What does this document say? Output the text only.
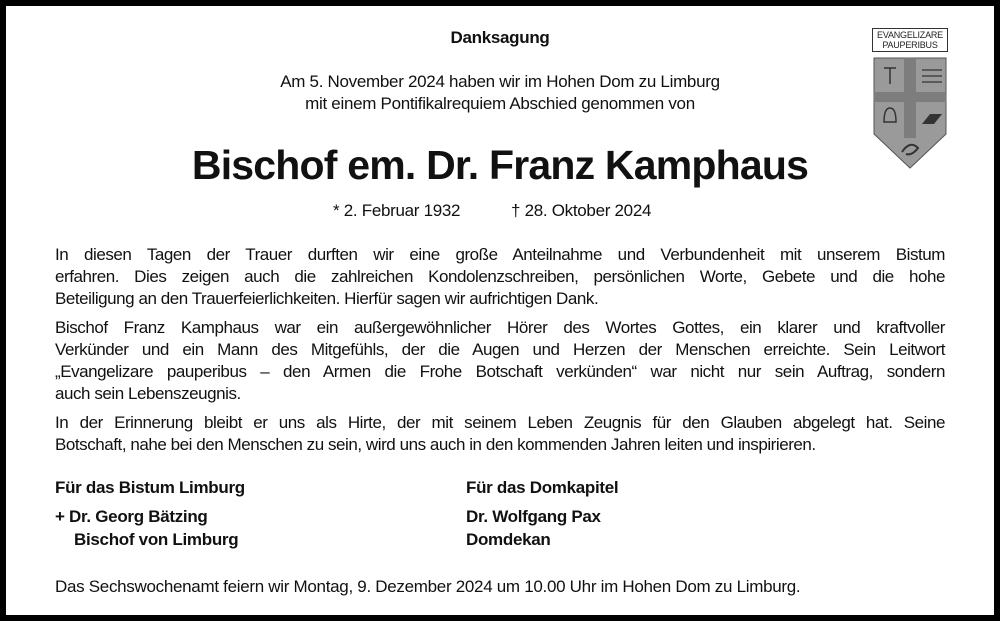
Danksagung
Am 5. November 2024 haben wir im Hohen Dom zu Limburg
mit einem Pontifikalrequiem Abschied genommen von
Bischof em. Dr. Franz Kamphaus
* 2. Februar 1932	† 28. Oktober 2024
EVANGELIZARE
PAUPERIBUS
In diesen Tagen der Trauer durften wir eine große Anteilnahme und Verbundenheit mit unserem Bistum
erfahren. Dies zeigen auch die zahlreichen Kondolenzschreiben, persönlichen Worte, Gebete und die hohe
Beteiligung an den Trauerfeierlichkeiten. Hierfür sagen wir aufrichtigen Dank.
Bischof Franz Kamphaus war ein außergewöhnlicher Hörer des Wortes Gottes, ein klarer und kraftvoller
Verkünder und ein Mann des Mitgefühls, der die Augen und Herzen der Menschen erreichte. Sein Leitwort
„Evangelizare pauperibus – den Armen die Frohe Botschaft verkünden“ war nicht nur sein Auftrag, sondern
auch sein Lebenszeugnis.
In der Erinnerung bleibt er uns als Hirte, der mit seinem Leben Zeugnis für den Glauben abgelegt hat. Seine
Botschaft, nahe bei den Menschen zu sein, wird uns auch in den kommenden Jahren leiten und inspirieren.
Für das Bistum Limburg
+ Dr. Georg Bätzing
Bischof von Limburg
Für das Domkapitel
Dr. Wolfgang Pax
Domdekan
Das Sechswochenamt feiern wir Montag, 9. Dezember 2024 um 10.00 Uhr im Hohen Dom zu Limburg.
